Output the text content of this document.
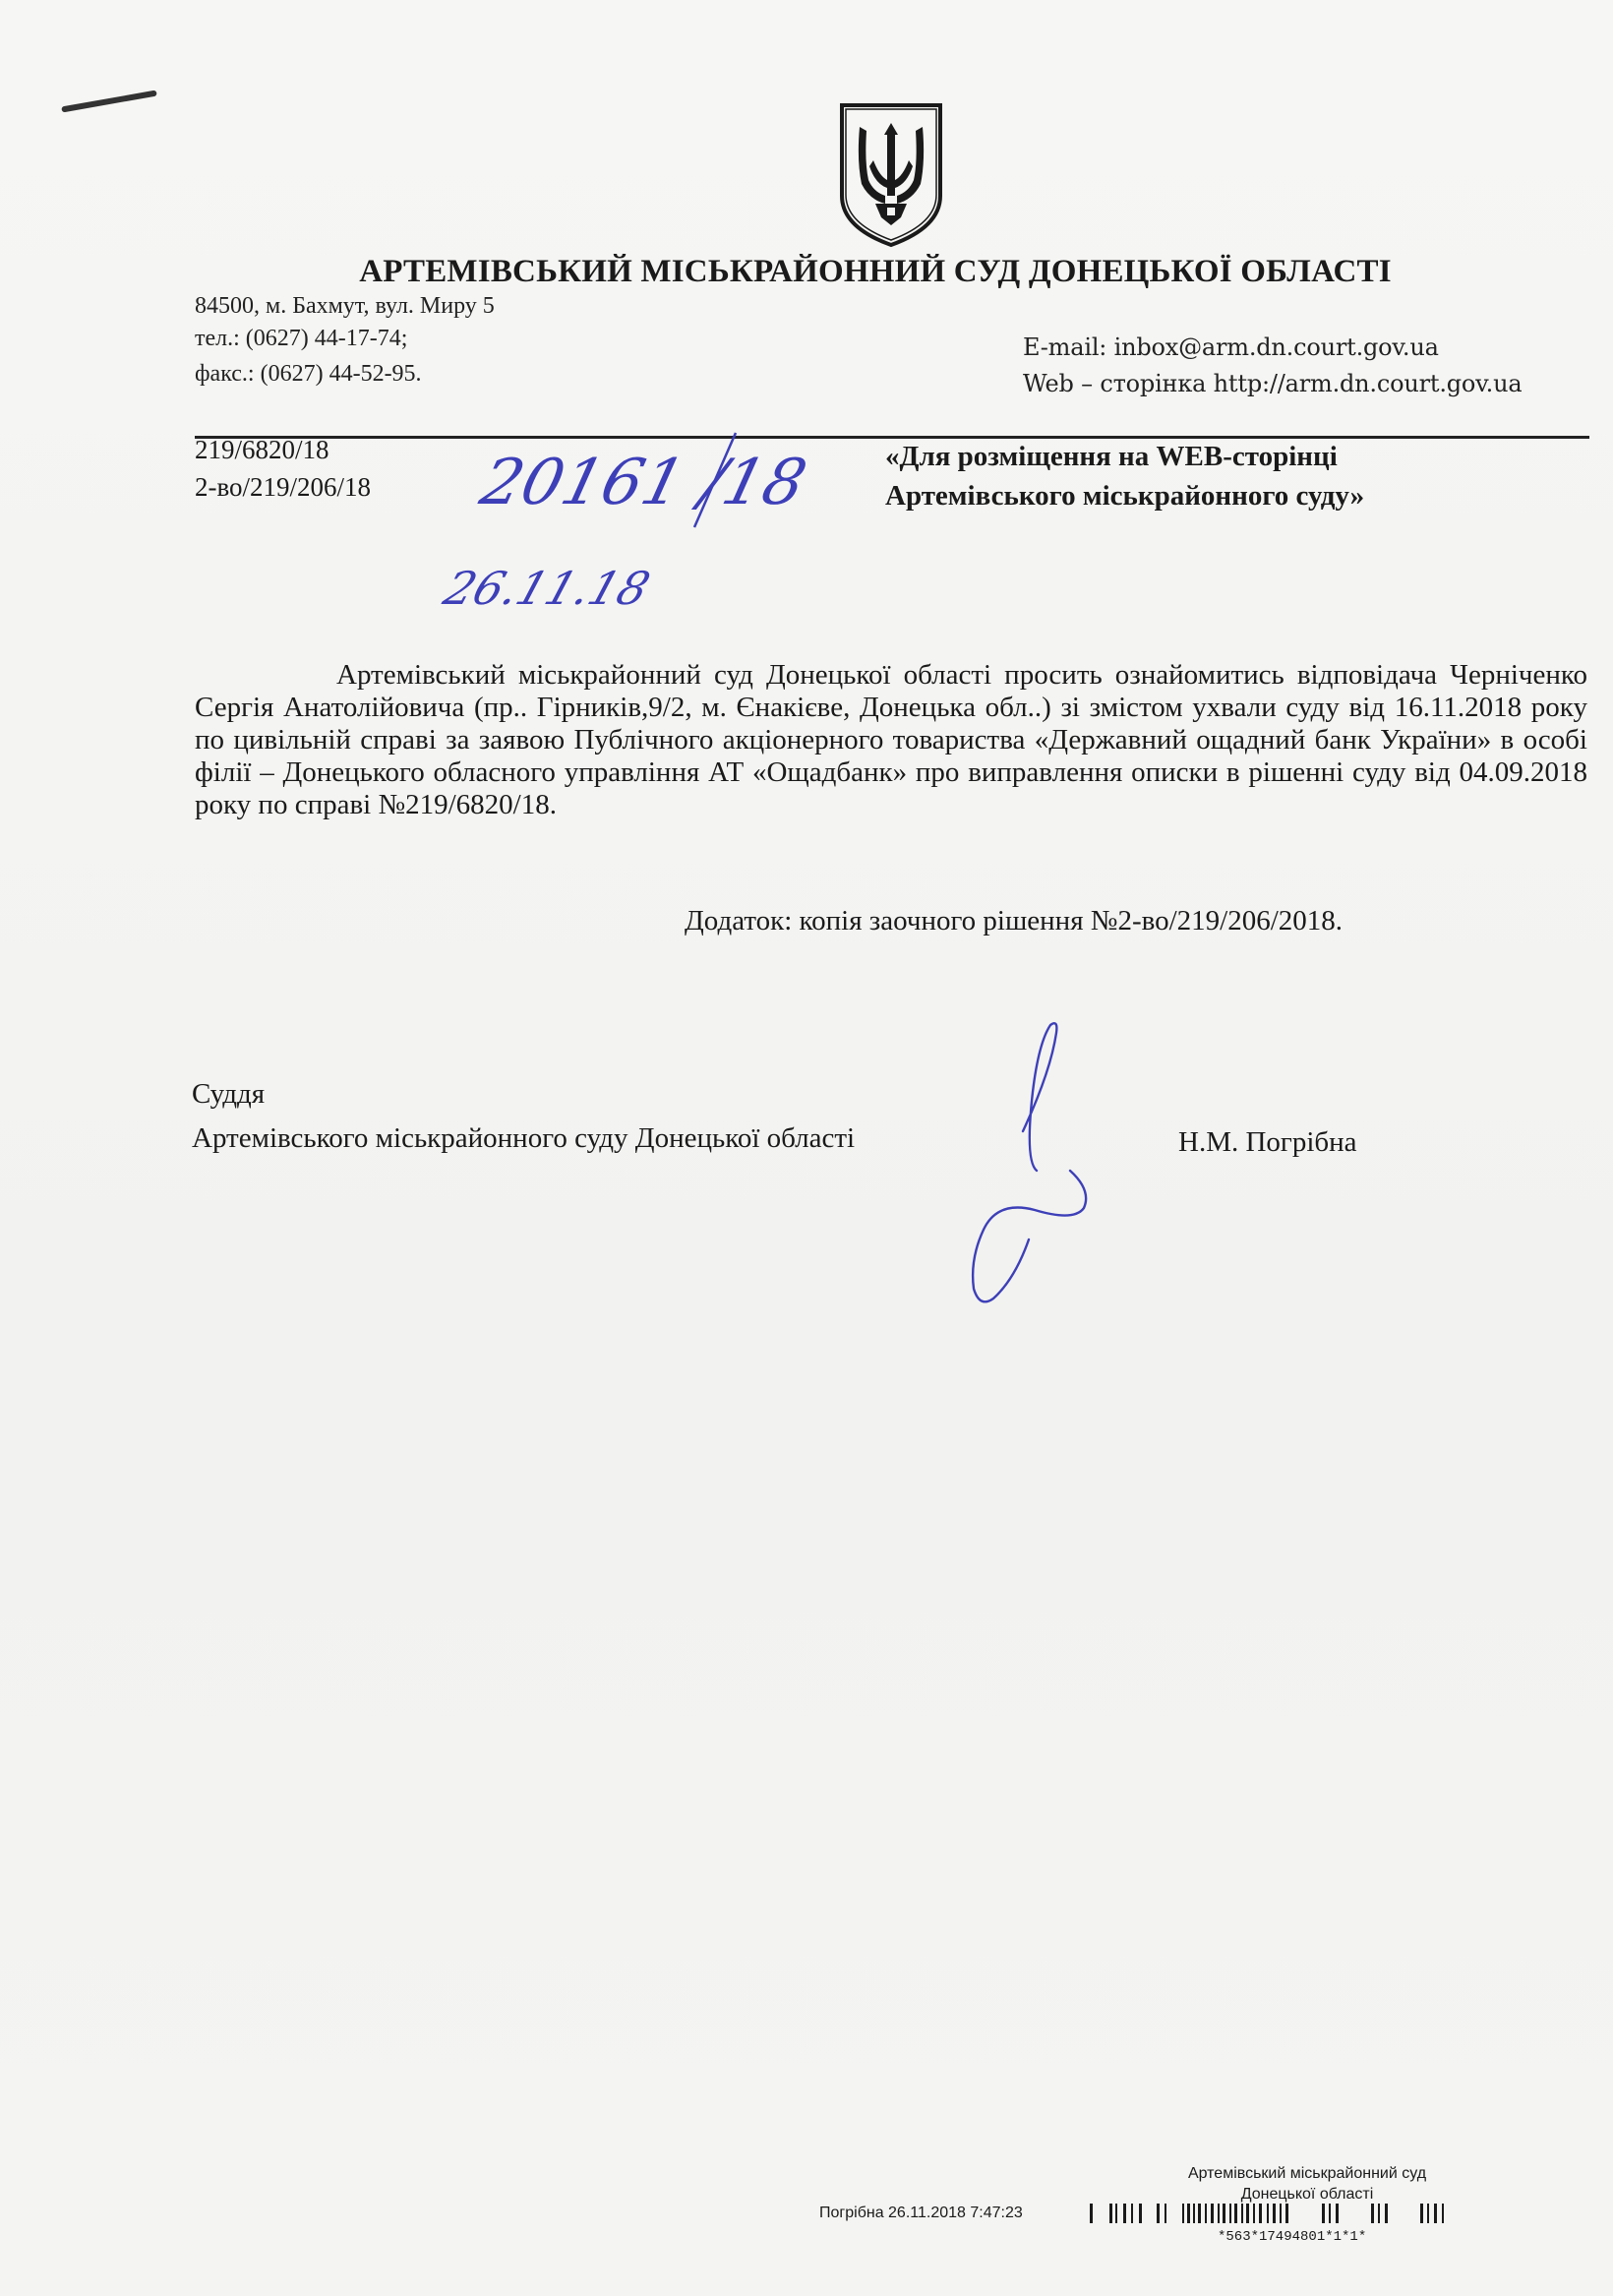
АРТЕМІВСЬКИЙ МІСЬКРАЙОННИЙ СУД ДОНЕЦЬКОЇ ОБЛАСТІ
84500, м. Бахмут, вул. Миру 5
тел.: (0627) 44-17-74;
факс.: (0627) 44-52-95.
E-mail: inbox@arm.dn.court.gov.ua
Web – сторінка http://arm.dn.court.gov.ua
219/6820/18
2-во/219/206/18
«Для розміщення на WEB-сторінці
Артемівського міськрайонного суду»
20161 /18
26.11.18
Артемівський міськрайонний суд Донецької області просить ознайомитись відповідача Черніченко Сергія Анатолійовича (пр.. Гірників,9/2, м. Єнакієве, Донецька обл..) зі змістом ухвали суду від 16.11.2018 року по цивільній справі за заявою Публічного акціонерного товариства «Державний ощадний банк України» в особі філії – Донецького обласного управління АТ «Ощадбанк» про виправлення описки в рішенні суду від 04.09.2018 року по справі №219/6820/18.
Додаток: копія заочного рішення №2-во/219/206/2018.
Суддя
Артемівського міськрайонного суду Донецької області	Н.М. Погрібна
Артемівський міськрайонний суд
Донецької області
Погрібна 26.11.2018 7:47:23
*563*17494801*1*1*
